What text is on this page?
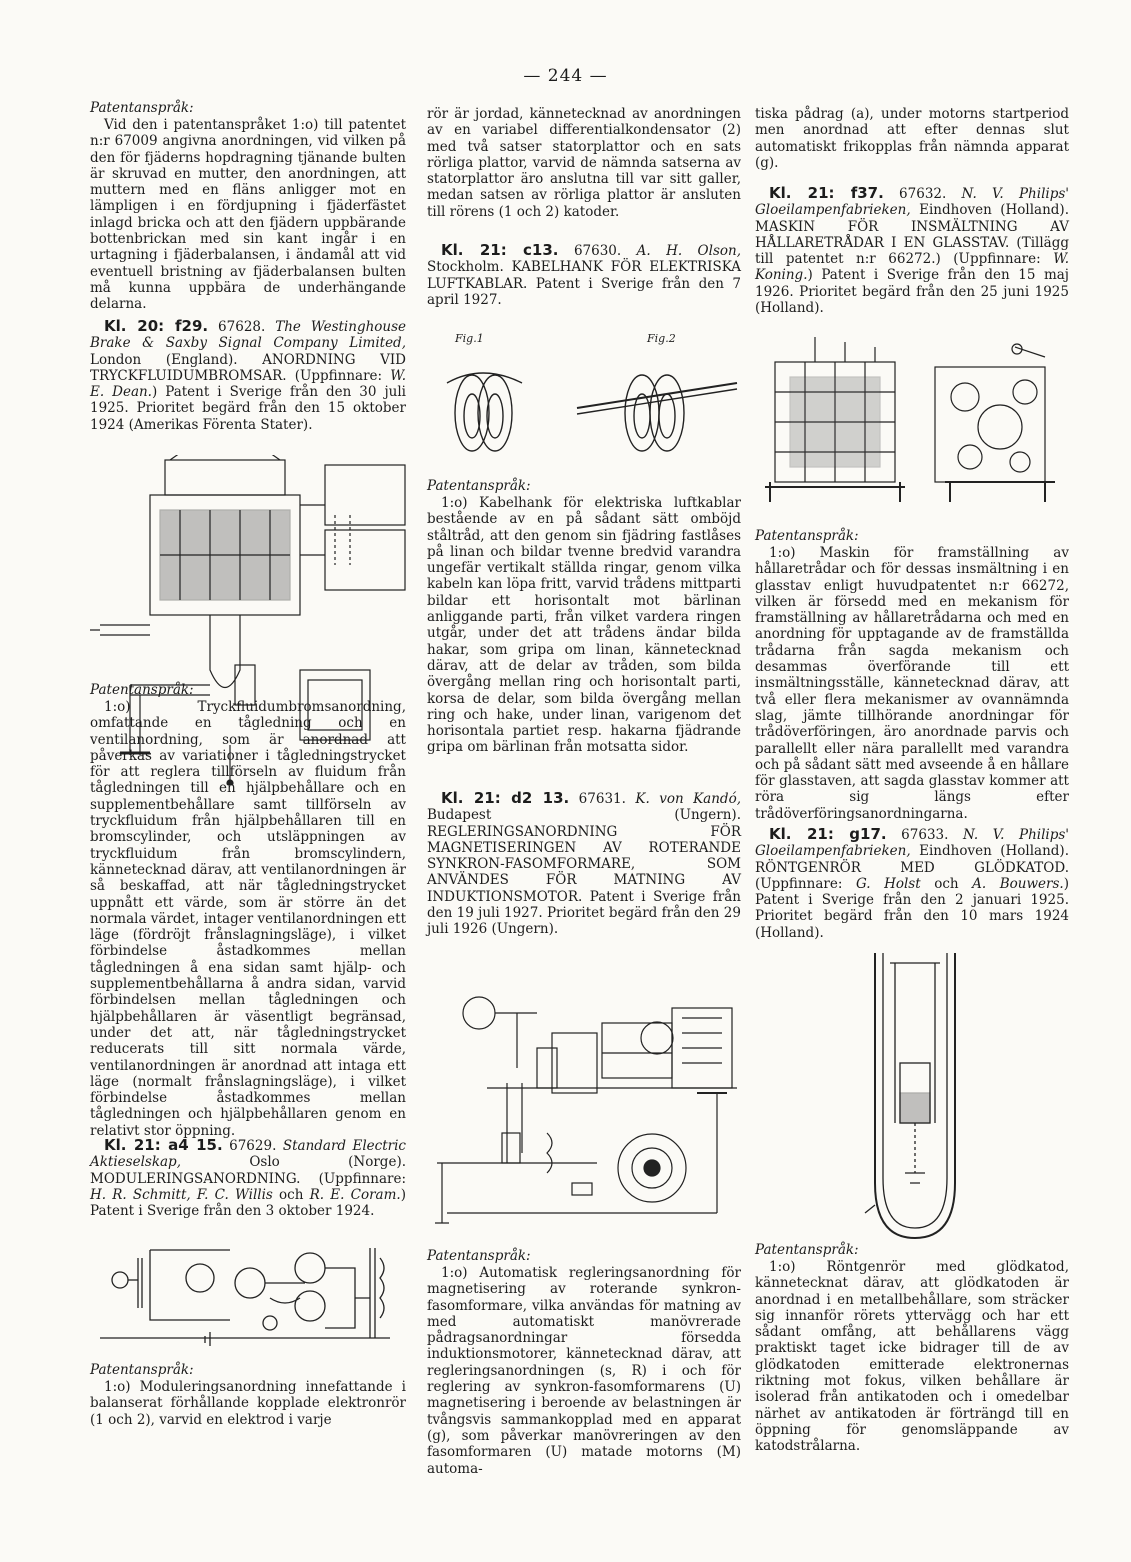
— 244 —

Patentanspråk:

Vid den i patentanspråket 1:o) till patentet n:r 67009 angivna anordningen, vid vilken på den för fjäderns hopdragning tjänande bulten är skruvad en mutter, den anordningen, att muttern med en fläns anligger mot en lämpligen i en fördjupning i fjäderfästet inlagd bricka och att den fjädern uppbärande bottenbrickan med sin kant ingår i en urtagning i fjäderbalansen, i ändamål att vid eventuell bristning av fjäderbalansen bulten må kunna uppbära de underhängande delarna.

Kl. 20: f29. 67628. The Westinghouse Brake & Saxby Signal Company Limited, London (England). ANORDNING VID TRYCKFLUIDUMBROMSAR. (Uppfinnare: W. E. Dean.) Patent i Sverige från den 30 juli 1925. Prioritet begärd från den 15 oktober 1924 (Amerikas Förenta Stater).

Patentanspråk:

1:o) Tryckfluidumbromsanordning, omfattande en tågledning och en ventilanordning, som är anordnad att påverkas av variationer i tågledningstrycket för att reglera tillförseln av fluidum från tågledningen till en hjälpbehållare och en supplementbehållare samt tillförseln av tryckfluidum från hjälpbehållaren till en bromscylinder, och utsläppningen av tryckfluidum från bromscylindern, kännetecknad därav, att ventilanordningen är så beskaffad, att när tågledningstrycket uppnått ett värde, som är större än det normala värdet, intager ventilanordningen ett läge (fördröjt frånslagningsläge), i vilket förbindelse åstadkommes mellan tågledningen å ena sidan samt hjälp- och supplementbehållarna å andra sidan, varvid förbindelsen mellan tågledningen och hjälpbehållaren är väsentligt begränsad, under det att, när tågledningstrycket reducerats till sitt normala värde, ventilanordningen är anordnad att intaga ett läge (normalt frånslagningsläge), i vilket förbindelse åstadkommes mellan tågledningen och hjälpbehållaren genom en relativt stor öppning.

Kl. 21: a4 15. 67629. Standard Electric Aktieselskap,	Oslo (Norge). MODULERINGSANORDNING. (Uppfinnare: H. R. Schmitt, F. C. Willis och R. E. Coram.) Patent i Sverige från den 3 oktober 1924.

Patentanspråk:

1:o) Moduleringsanordning innefattande i balanserat förhållande kopplade elektronrör (1 och 2), varvid en elektrod i varje

rör är jordad, kännetecknad av anordningen av en variabel differentialkondensator (2) med två satser statorplattor och en sats rörliga plattor, varvid de nämnda satserna av statorplattor äro anslutna till var sitt galler, medan satsen av rörliga plattor är ansluten till rörens (1 och 2) katoder.

Kl. 21: c13. 67630. A. H. Olson, Stockholm. KABELHANK FÖR ELEKTRISKA LUFTKABLAR. Patent i Sverige från den 7 april 1927.

Fig.1	Fig.2

Patentanspråk:

1:o) Kabelhank för elektriska luftkablar bestående av en på sådant sätt omböjd ståltråd, att den genom sin fjädring fastlåses på linan och bildar tvenne bredvid varandra ungefär vertikalt ställda ringar, genom vilka kabeln kan löpa fritt, varvid trådens mittparti bildar ett horisontalt mot bärlinan anliggande parti, från vilket vardera ringen utgår, under det att trådens ändar bilda hakar, som gripa om linan, kännetecknad därav, att de delar av tråden, som bilda övergång mellan ring och horisontalt parti, korsa de delar, som bilda övergång mellan ring och hake, under linan, varigenom det horisontala partiet resp. hakarna fjädrande gripa om bärlinan från motsatta sidor.

Kl. 21: d2 13. 67631. K. von Kandó, Budapest (Ungern). REGLERINGSANORDNING FÖR MAGNETISERINGEN AV ROTERANDE SYNKRON-FASOMFORMARE, SOM ANVÄNDES FÖR MATNING AV INDUKTIONSMOTOR. Patent i Sverige från den 19 juli 1927. Prioritet begärd från den 29 juli 1926 (Ungern).

Patentanspråk:

1:o) Automatisk regleringsanordning för magnetisering av roterande synkron-fasomformare, vilka användas för matning av med automatiskt manövrerade pådragsanordningar försedda induktionsmotorer, kännetecknad därav, att regleringsanordningen (s, R) i och för reglering av synkron-fasomformarens (U) magnetisering i beroende av belastningen är tvångsvis sammankopplad med en apparat (g), som påverkar manövreringen av den fasomformaren (U) matade motorns (M) automa-

tiska pådrag (a), under motorns startperiod men anordnad att efter dennas slut automatiskt frikopplas från nämnda apparat (g).

Kl. 21: f37. 67632. N. V. Philips' Gloeilampenfabrieken, Eindhoven (Holland). MASKIN FÖR INSMÄLTNING AV HÅLLARETRÅDAR I EN GLASSTAV. (Tillägg till patentet n:r 66272.) (Uppfinnare: W. Koning.) Patent i Sverige från den 15 maj 1926. Prioritet begärd från den 25 juni 1925 (Holland).

Patentanspråk:

1:o) Maskin för framställning av hållaretrådar och för dessas insmältning i en glasstav enligt huvudpatentet n:r 66272, vilken är försedd med en mekanism för framställning av hållaretrådarna och med en anordning för upptagande av de framställda trådarna från sagda mekanism och desammas överförande till ett insmältningsställe, kännetecknad därav, att två eller flera mekanismer av ovannämnda slag, jämte tillhörande anordningar för trådöverföringen, äro anordnade parvis och parallellt eller nära parallellt med varandra och på sådant sätt med avseende å en hållare för glasstaven, att sagda glasstav kommer att röra sig längs efter trådöverföringsanordningarna.

Kl. 21: g17. 67633. N. V. Philips' Gloeilampenfabrieken, Eindhoven (Holland). RÖNTGENRÖR MED GLÖDKATOD. (Uppfinnare: G. Holst och A. Bouwers.) Patent i Sverige från den 2 januari 1925. Prioritet begärd från den 10 mars 1924 (Holland).

Patentanspråk:

1:o) Röntgenrör med glödkatod, kännetecknat därav, att glödkatoden är anordnad i en metallbehållare, som sträcker sig innanför rörets yttervägg och har ett sådant omfång, att behållarens vägg praktiskt taget icke bidrager till de av glödkatoden emitterade elektronernas riktning mot fokus, vilken behållare är isolerad från antikatoden och i omedelbar närhet av antikatoden är förträngd till en öppning för genomsläppande av katodstrålarna.
